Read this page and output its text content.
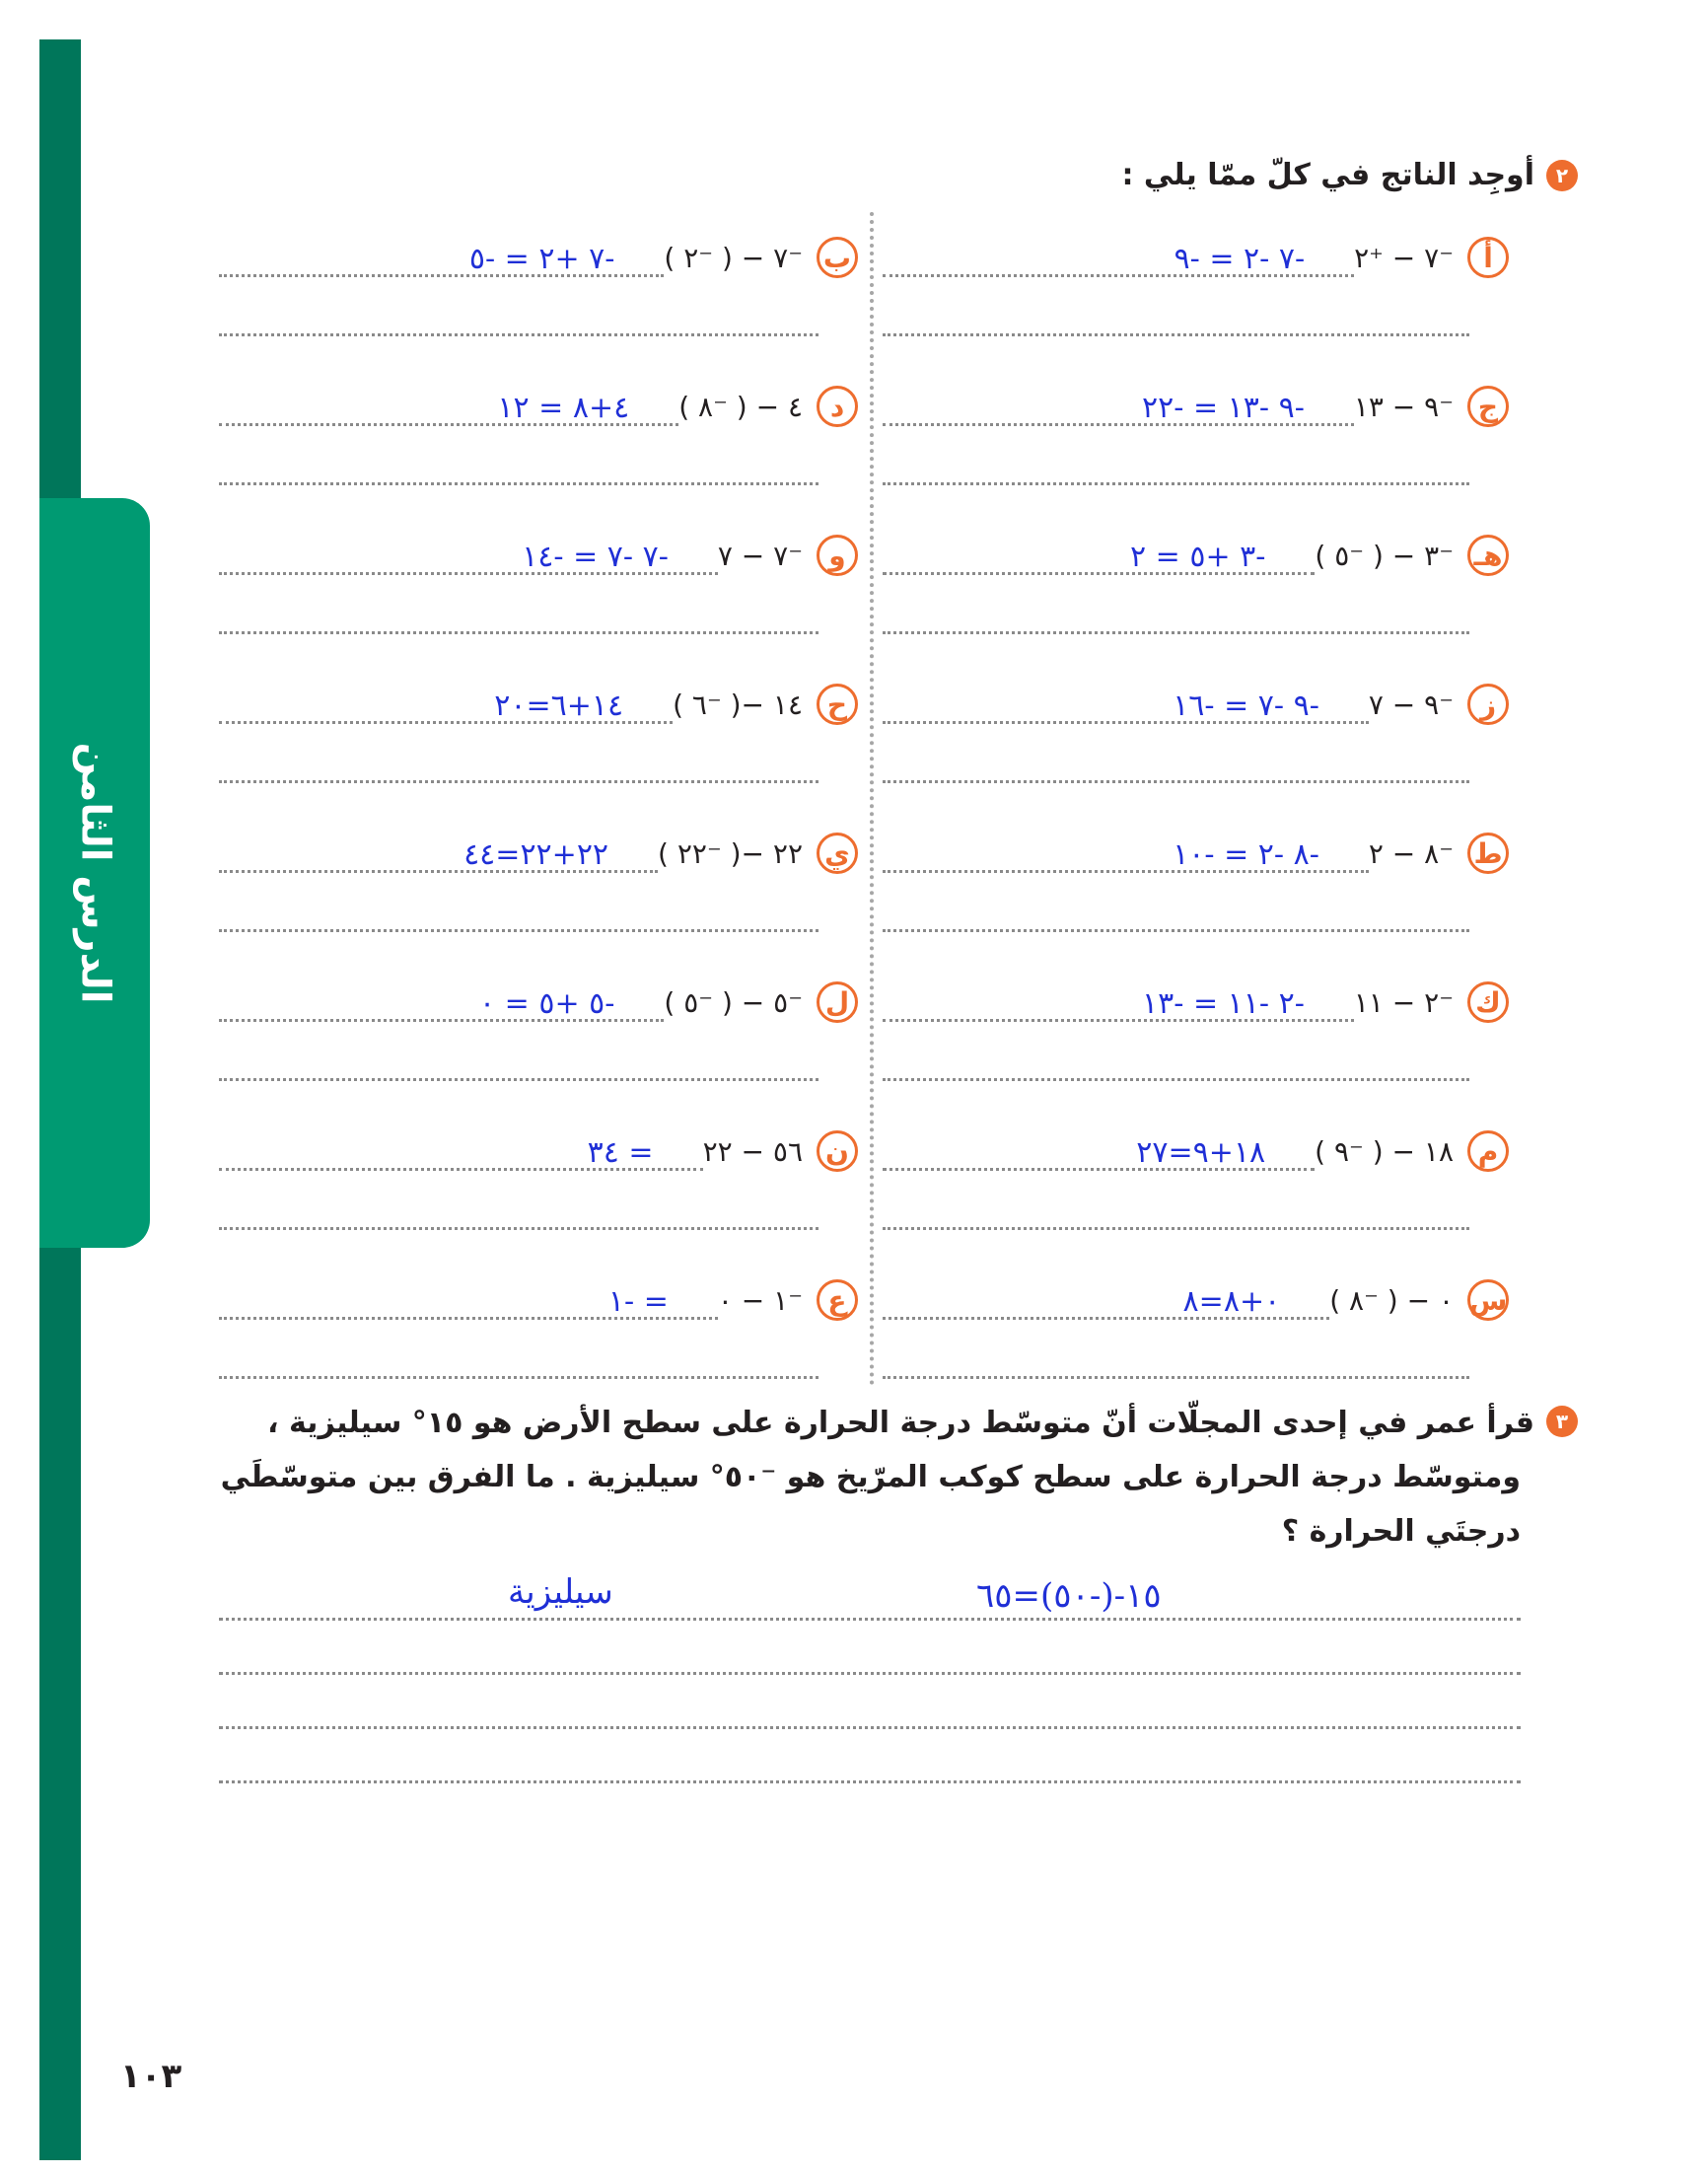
الدرس الثامن
٢
أوجِد الناتج في كلّ ممّا يلي :
أ
⁻٧ − ⁺٢
-٧ -٢ = -٩
ب
⁻٧ − ( ⁻٢ )
-٧ +٢ = -٥
ج
⁻٩ − ١٣
-٩ -١٣ = -٢٢
د
٤ − ( ⁻٨ )
٤+٨ = ١٢
هـ
⁻٣ − ( ⁻٥ )
-٣ +٥ = ٢
و
⁻٧ − ٧
-٧ -٧ = -١٤
ز
⁻٩ − ٧
-٩ -٧ = -١٦
ح
١٤ −( ⁻٦ )
١٤+٦=٢٠
ط
⁻٨ − ٢
-٨ -٢ = -١٠
ي
٢٢ −( ⁻٢٢ )
٢٢+٢٢=٤٤
ك
⁻٢ − ١١
-٢ -١١ = -١٣
ل
⁻٥ − ( ⁻٥ )
-٥ +٥ = ٠
م
١٨ − ( ⁻٩ )
١٨+٩=٢٧
ن
٥٦ − ٢٢
= ٣٤
س
٠ − ( ⁻٨ )
٠+٨=٨
ع
⁻١ − ٠
= -١
٣
قرأ عمر في إحدى المجلّات أنّ متوسّط درجة الحرارة على سطح الأرض هو ١٥° سيليزية ،
ومتوسّط درجة الحرارة على سطح كوكب المرّيخ هو ⁻٥٠° سيليزية . ما الفرق بين متوسّطَي
درجتَي الحرارة ؟
١٥-(-٥٠)=٦٥
سيليزية
١٠٣
